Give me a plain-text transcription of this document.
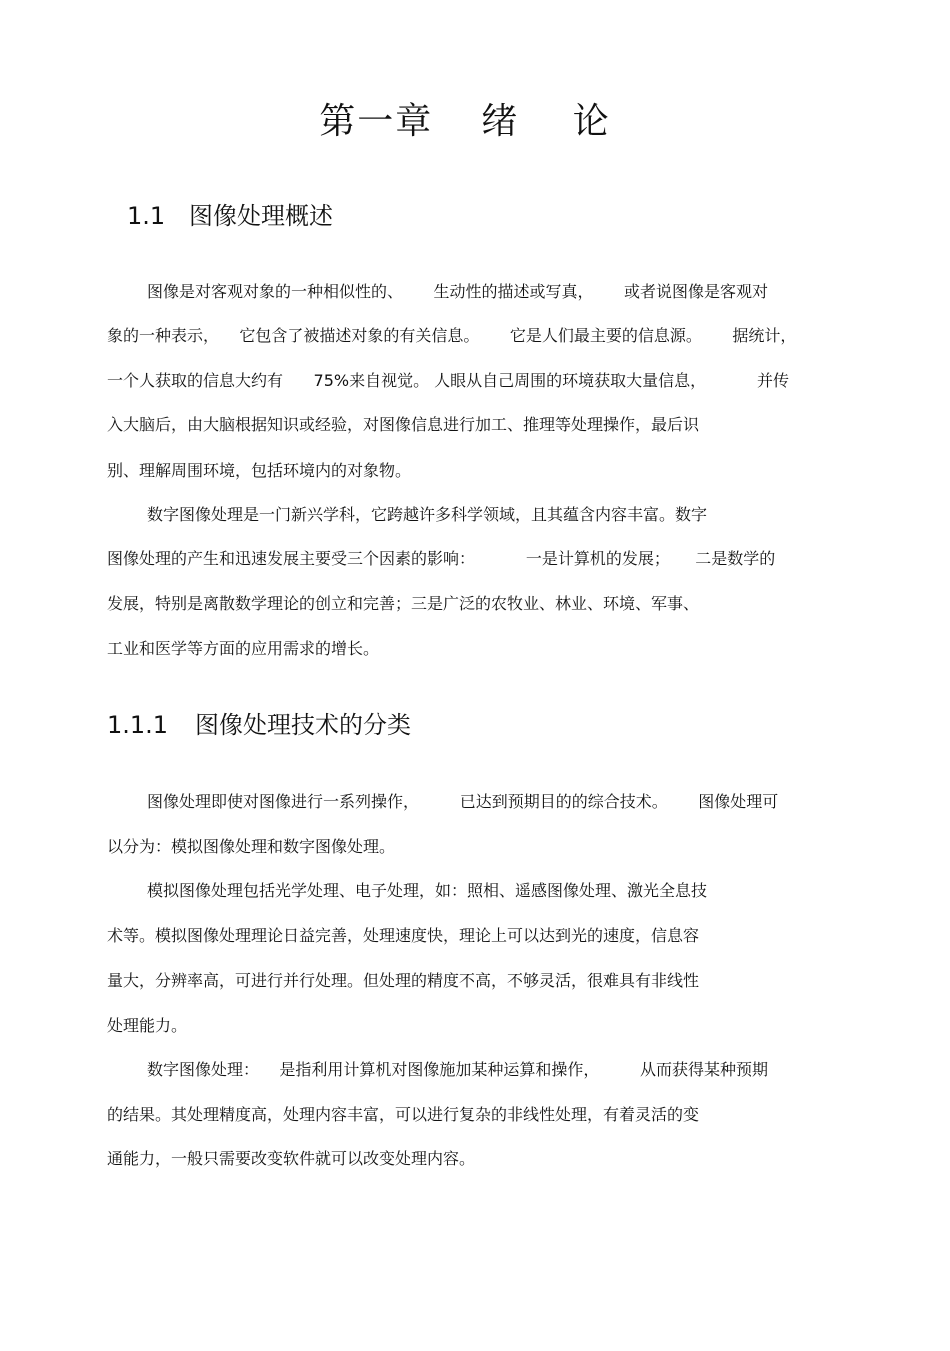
第一章 绪 论
1.1 图像处理概述
图像是对客观对象的一种相似性的、      生动性的描述或写真，      或者说图像是客观对
象的一种表示，    它包含了被描述对象的有关信息。      它是人们最主要的信息源。      据统计，
一个人获取的信息大约有      75%来自视觉。 人眼从自己周围的环境获取大量信息，          并传
入大脑后，由大脑根据知识或经验，对图像信息进行加工、推理等处理操作，最后识
别、理解周围环境，包括环境内的对象物。
数字图像处理是一门新兴学科，它跨越许多科学领域，且其蕴含内容丰富。数字
图像处理的产生和迅速发展主要受三个因素的影响：          一是计算机的发展；     二是数学的
发展，特别是离散数学理论的创立和完善；三是广泛的农牧业、林业、环境、军事、
工业和医学等方面的应用需求的增长。
1.1.1 图像处理技术的分类
图像处理即使对图像进行一系列操作，        已达到预期目的的综合技术。      图像处理可
以分为：模拟图像处理和数字图像处理。
模拟图像处理包括光学处理、电子处理，如：照相、遥感图像处理、激光全息技
术等。模拟图像处理理论日益完善，处理速度快，理论上可以达到光的速度，信息容
量大，分辨率高，可进行并行处理。但处理的精度不高，不够灵活，很难具有非线性
处理能力。
数字图像处理：    是指利用计算机对图像施加某种运算和操作，        从而获得某种预期
的结果。其处理精度高，处理内容丰富，可以进行复杂的非线性处理，有着灵活的变
通能力，一般只需要改变软件就可以改变处理内容。
